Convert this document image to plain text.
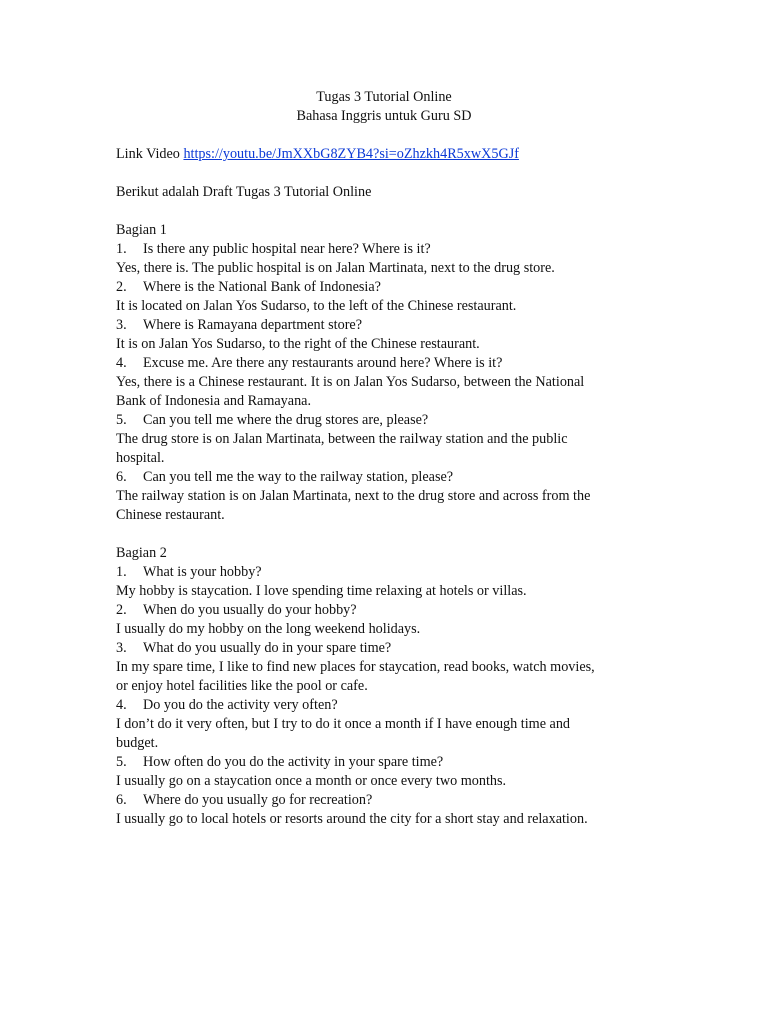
Tugas 3 Tutorial Online
Bahasa Inggris untuk Guru SD
Link Video https://youtu.be/JmXXbG8ZYB4?si=oZhzkh4R5xwX5GJf
Berikut adalah Draft Tugas 3 Tutorial Online
Bagian 1
1. Is there any public hospital near here? Where is it?
Yes, there is. The public hospital is on Jalan Martinata, next to the drug store.
2. Where is the National Bank of Indonesia?
It is located on Jalan Yos Sudarso, to the left of the Chinese restaurant.
3. Where is Ramayana department store?
It is on Jalan Yos Sudarso, to the right of the Chinese restaurant.
4. Excuse me. Are there any restaurants around here? Where is it?
Yes, there is a Chinese restaurant. It is on Jalan Yos Sudarso, between the National
Bank of Indonesia and Ramayana.
5. Can you tell me where the drug stores are, please?
The drug store is on Jalan Martinata, between the railway station and the public
hospital.
6. Can you tell me the way to the railway station, please?
The railway station is on Jalan Martinata, next to the drug store and across from the
Chinese restaurant.
Bagian 2
1. What is your hobby?
My hobby is staycation. I love spending time relaxing at hotels or villas.
2. When do you usually do your hobby?
I usually do my hobby on the long weekend holidays.
3. What do you usually do in your spare time?
In my spare time, I like to find new places for staycation, read books, watch movies,
or enjoy hotel facilities like the pool or cafe.
4. Do you do the activity very often?
I don’t do it very often, but I try to do it once a month if I have enough time and
budget.
5. How often do you do the activity in your spare time?
I usually go on a staycation once a month or once every two months.
6. Where do you usually go for recreation?
I usually go to local hotels or resorts around the city for a short stay and relaxation.
